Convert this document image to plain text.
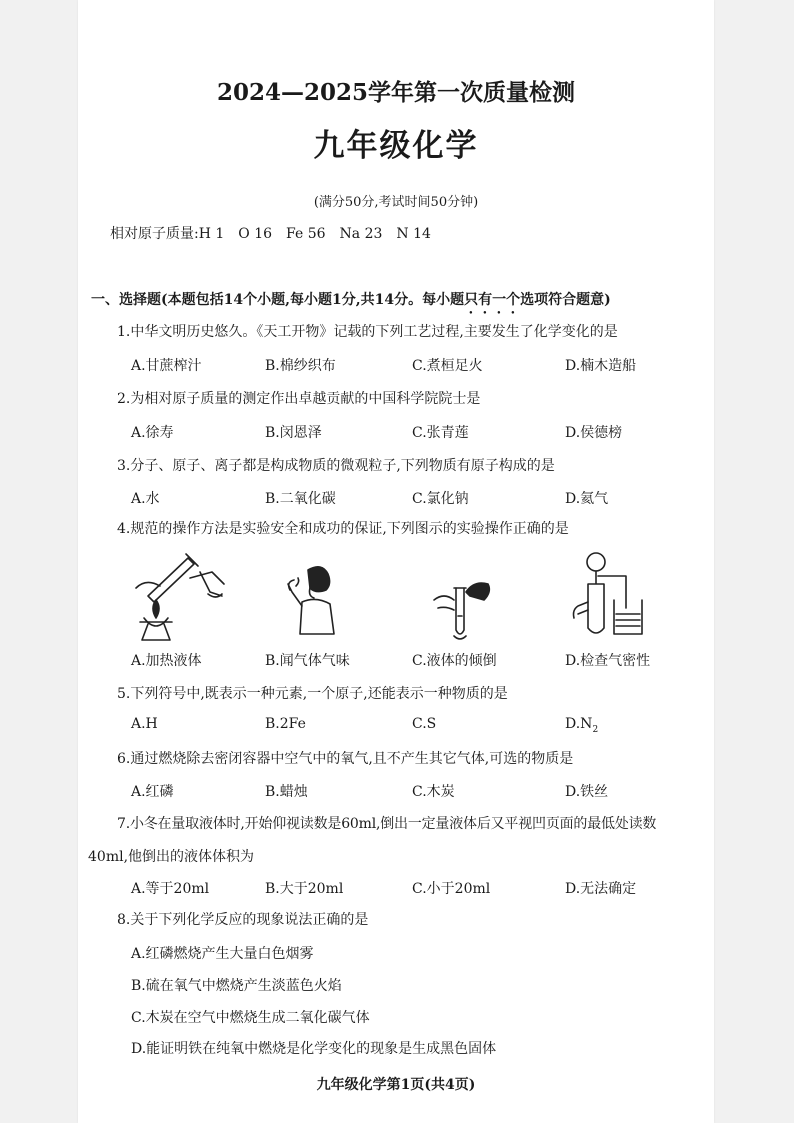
2024—2025学年第一次质量检测
九年级化学
(满分50分,考试时间50分钟)
相对原子质量:H 1 O 16 Fe 56 Na 23 N 14
一、选择题(本题包括14个小题,每小题1分,共14分。每小题只有一个选项符合题意)
1.中华文明历史悠久。《天工开物》记载的下列工艺过程,主要发生了化学变化的是
A.甘蔗榨汁	B.棉纱织布	C.煮桓足火	D.楠木造船
2.为相对原子质量的测定作出卓越贡献的中国科学院院士是
A.徐寿	B.闵恩泽	C.张青莲	D.侯德榜
3.分子、原子、离子都是构成物质的微观粒子,下列物质有原子构成的是
A.水	B.二氧化碳	C.氯化钠	D.氦气
4.规范的操作方法是实验安全和成功的保证,下列图示的实验操作正确的是
A.加热液体	B.闻气体气味	C.液体的倾倒	D.检查气密性
5.下列符号中,既表示一种元素,一个原子,还能表示一种物质的是
A.H	B.2Fe	C.S	$D.N_2$
6.通过燃烧除去密闭容器中空气中的氧气,且不产生其它气体,可选的物质是
A.红磷	B.蜡烛	C.木炭	D.铁丝
7.小冬在量取液体时,开始仰视读数是60ml,倒出一定量液体后又平视凹页面的最低处读数
40ml,他倒出的液体体积为
A.等于20ml	B.大于20ml	C.小于20ml	D.无法确定
8.关于下列化学反应的现象说法正确的是
A.红磷燃烧产生大量白色烟雾
B.硫在氧气中燃烧产生淡蓝色火焰
C.木炭在空气中燃烧生成二氧化碳气体
D.能证明铁在纯氧中燃烧是化学变化的现象是生成黑色固体
九年级化学第1页(共4页)
